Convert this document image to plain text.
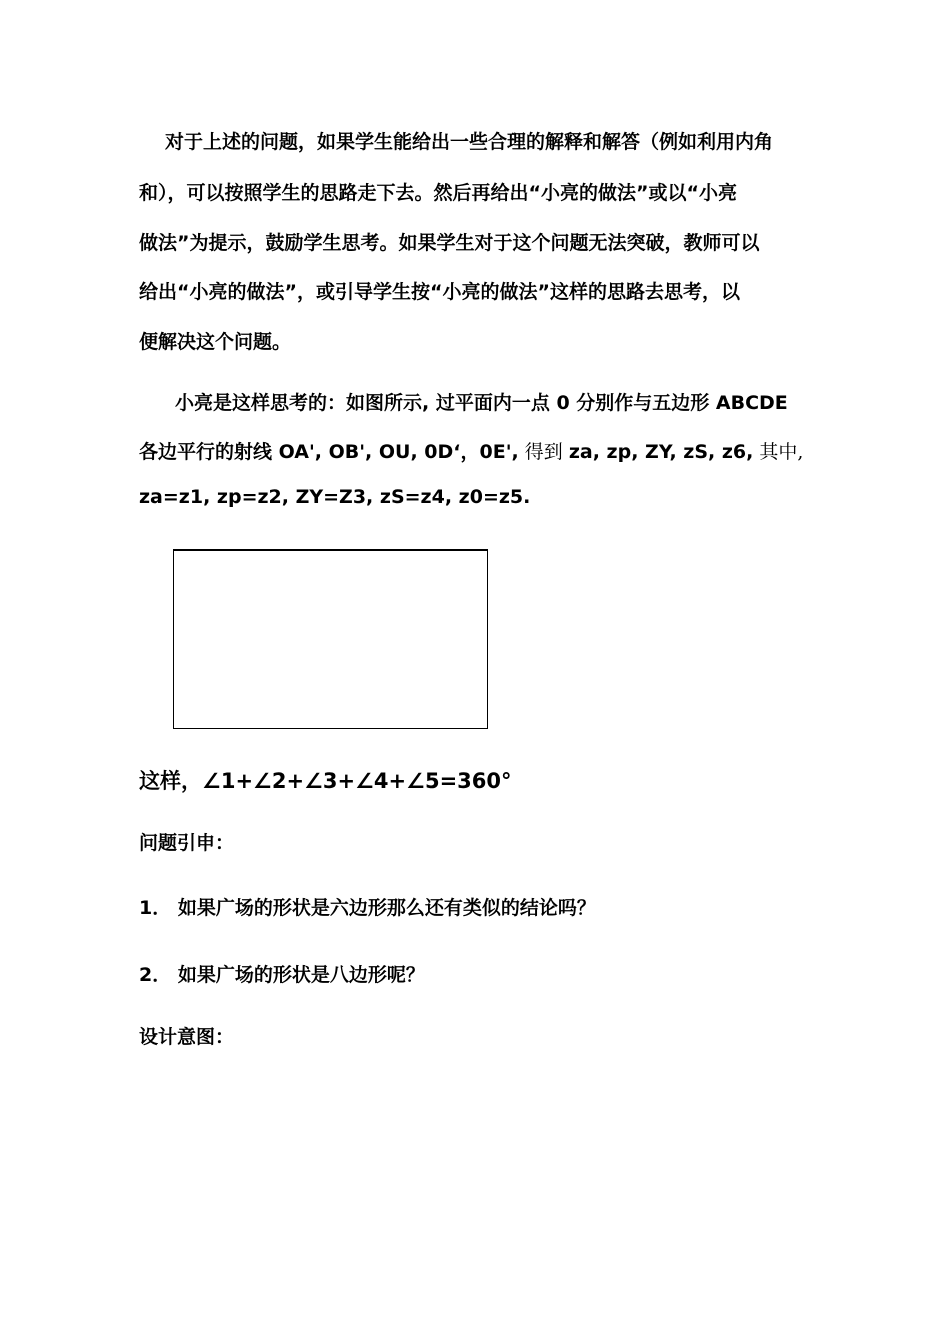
对于上述的问题，如果学生能给出一些合理的解释和解答（例如利用内角
和），可以按照学生的思路走下去。然后再给出“小亮的做法”或以“小亮
做法”为提示，鼓励学生思考。如果学生对于这个问题无法突破，教师可以
给出“小亮的做法”，或引导学生按“小亮的做法”这样的思路去思考，以
便解决这个问题。
小亮是这样思考的：如图所示, 过平面内一点 0 分别作与五边形 ABCDE
各边平行的射线 OA', OB', OU, 0D‘，0E', 得到 za, zp, ZY, zS, z6, 其中,
za=z1, zp=z2, ZY=Z3, zS=z4, z0=z5.
这样，∠1+∠2+∠3+∠4+∠5=360°
问题引申：
1． 如果广场的形状是六边形那么还有类似的结论吗？
2． 如果广场的形状是八边形呢？
设计意图：
